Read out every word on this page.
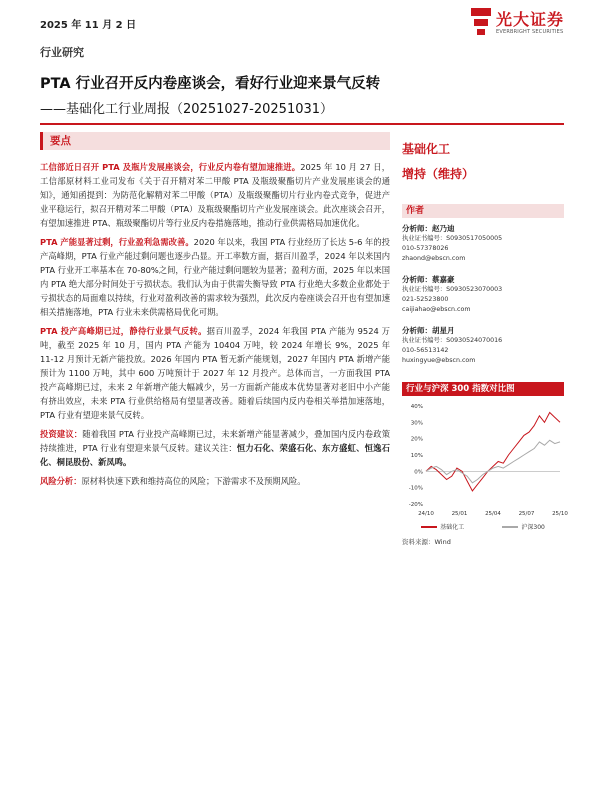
2025 年 11 月 2 日	光大证券
EVERBRIGHT SECURITIES
行业研究
PTA 行业召开反内卷座谈会，看好行业迎来景气反转
——基础化工行业周报（20251027-20251031）
要点

工信部近日召开 PTA 及瓶片发展座谈会，行业反内卷有望加速推进。2025 年 10 月 27 日，工信部原材料工业司发布《关于召开精对苯二甲酸 PTA 及瓶级聚酯切片产业发展座谈会的通知》，通知函提到：为防范化解精对苯二甲酸（PTA）及瓶级聚酯切片行业内卷式竞争，促进产业平稳运行，拟召开精对苯二甲酸（PTA）及瓶级聚酯切片产业发展座谈会。此次座谈会召开，有望加速推进 PTA、瓶级聚酯切片等行业反内卷措施落地，推动行业供需格局加速优化。

PTA 产能显著过剩，行业盈利急需改善。2020 年以来，我国 PTA 行业经历了长达 5-6 年的投产高峰期，PTA 行业产能过剩问题也逐步凸显。开工率数方面，据百川盈孚，2024 年以来国内 PTA 行业开工率基本在 70-80%之间，行业产能过剩问题较为显著；盈利方面，2025 年以来国内 PTA 绝大部分时间处于亏损状态。我们认为由于供需失衡导致 PTA 行业绝大多数企业都处于亏损状态的局面难以持续，行业对盈利改善的需求较为强烈，此次反内卷座谈会召开也有望加速相关措施落地，PTA 行业未来供需格局优化可期。

PTA 投产高峰期已过，静待行业景气反转。据百川盈孚，2024 年我国 PTA 产能为 9524 万吨，截至 2025 年 10 月，国内 PTA 产能为 10404 万吨，较 2024 年增长 9%，2025 年 11-12 月预计无新产能投放。2026 年国内 PTA 暂无新产能规划，2027 年国内 PTA 新增产能预计为 1100 万吨，其中 600 万吨预计于 2027 年 12 月投产。总体而言，一方面我国 PTA 投产高峰期已过，未来 2 年新增产能大幅减少，另一方面新产能成本优势显著对老旧中小产能有挤出效应，未来 PTA 行业供给格局有望显著改善。随着后续国内反内卷相关举措加速落地，PTA 行业有望迎来景气反转。

投资建议：随着我国 PTA 行业投产高峰期已过，未来新增产能显著减少，叠加国内反内卷政策持续推进，PTA 行业有望迎来景气反转。建议关注：恒力石化、荣盛石化、东方盛虹、恒逸石化、桐昆股份、新凤鸣。

风险分析：原材料快速下跌和维持高位的风险；下游需求不及预期风险。

基础化工
增持（维持）
作者
分析师：赵乃迪
执业证书编号：S0930517050005
010-57378026
zhaond@ebscn.com
分析师：蔡嘉豪
执业证书编号：S0930523070003
021-52523800
caijiahao@ebscn.com
分析师：胡星月
执业证书编号：S0930524070016
010-56513142
huxingyue@ebscn.com
行业与沪深 300 指数对比图
40%
30%
20%
10%
0%
-10%
-20%
24/10	25/01	25/04	25/07	25/10
基础化工	沪深300
资料来源：Wind
